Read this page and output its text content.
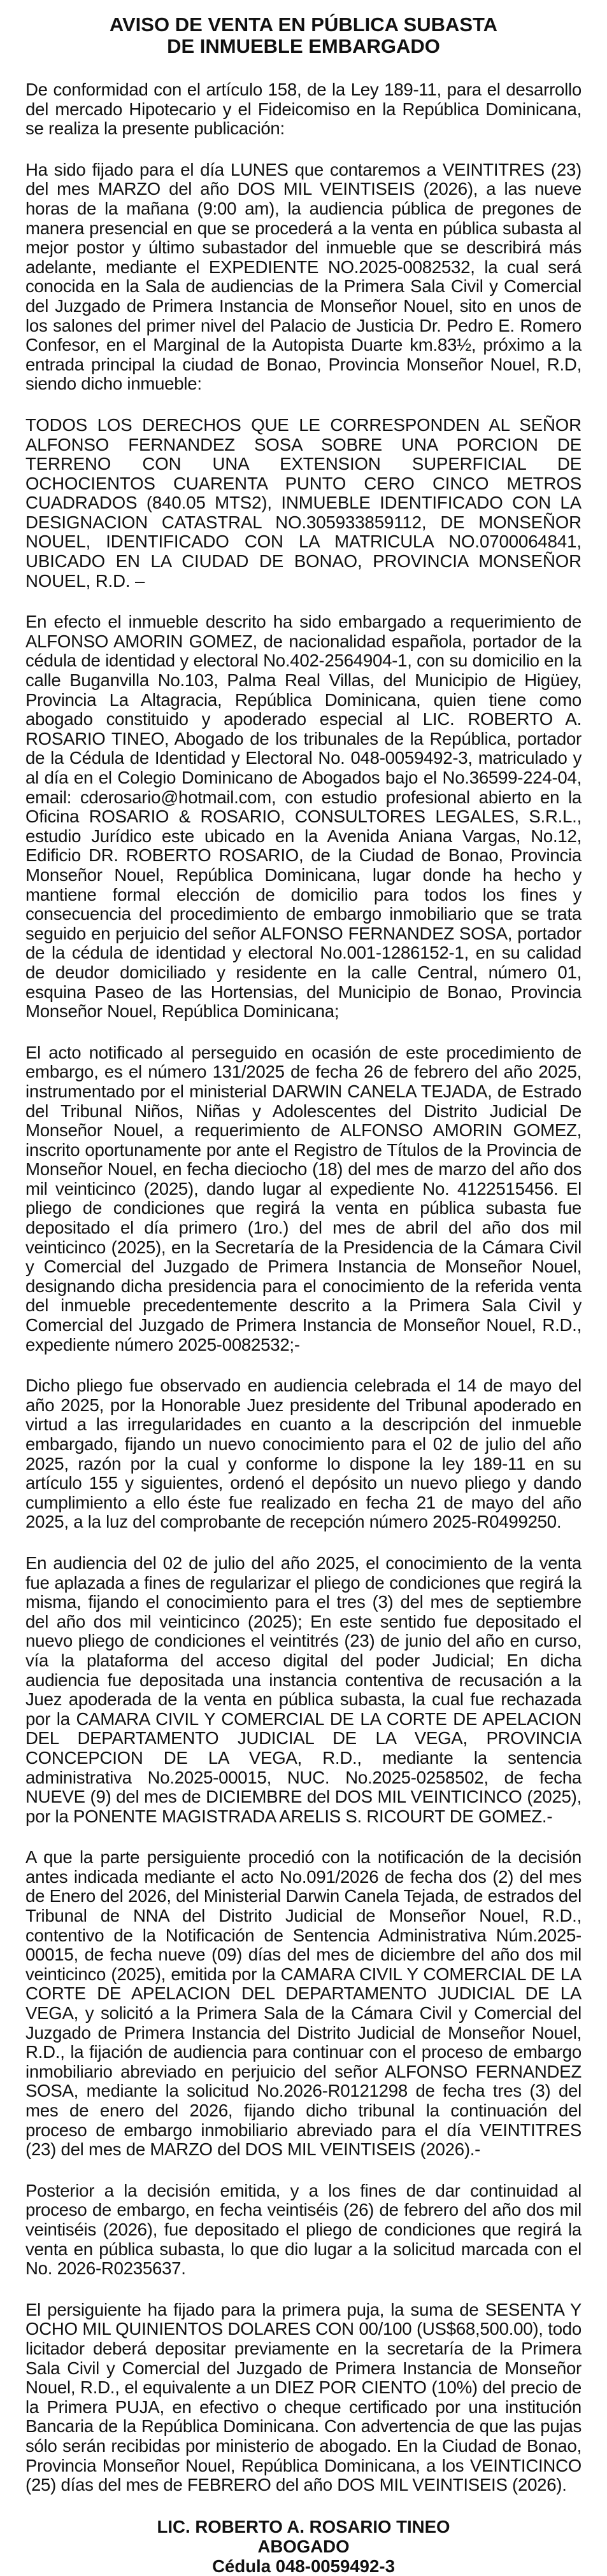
AVISO DE VENTA EN PÚBLICA SUBASTA
DE INMUEBLE EMBARGADO

De conformidad con el artículo 158, de la Ley 189-11, para el desarrollo del mercado Hipotecario y el Fideicomiso en la República Dominicana, se realiza la presente publicación:

Ha sido fijado para el día LUNES que contaremos a VEINTITRES (23) del mes MARZO del año DOS MIL VEINTISEIS (2026), a las nueve horas de la mañana (9:00 am), la audiencia pública de pregones de manera presencial en que se procederá a la venta en pública subasta al mejor postor y último subastador del inmueble que se describirá más adelante, mediante el EXPEDIENTE NO.2025-0082532, la cual será conocida en la Sala de audiencias de la Primera Sala Civil y Comercial del Juzgado de Primera Instancia de Monseñor Nouel, sito en unos de los salones del primer nivel del Palacio de Justicia Dr. Pedro E. Romero Confesor, en el Marginal de la Autopista Duarte km.83½, próximo a la entrada principal la ciudad de Bonao, Provincia Monseñor Nouel, R.D, siendo dicho inmueble:

TODOS LOS DERECHOS QUE LE CORRESPONDEN AL SEÑOR ALFONSO FERNANDEZ SOSA SOBRE UNA PORCION DE TERRENO CON UNA EXTENSION SUPERFICIAL DE OCHOCIENTOS CUARENTA PUNTO CERO CINCO METROS CUADRADOS (840.05 MTS2), INMUEBLE IDENTIFICADO CON LA DESIGNACION CATASTRAL NO.305933859112, DE MONSEÑOR NOUEL, IDENTIFICADO CON LA MATRICULA NO.0700064841, UBICADO EN LA CIUDAD DE BONAO, PROVINCIA MONSEÑOR NOUEL, R.D. –

En efecto el inmueble descrito ha sido embargado a requerimiento de ALFONSO AMORIN GOMEZ, de nacionalidad española, portador de la cédula de identidad y electoral No.402-2564904-1, con su domicilio en la calle Buganvilla No.103, Palma Real Villas, del Municipio de Higüey, Provincia La Altagracia, República Dominicana, quien tiene como abogado constituido y apoderado especial al LIC. ROBERTO A. ROSARIO TINEO, Abogado de los tribunales de la República, portador de la Cédula de Identidad y Electoral No. 048-0059492-3, matriculado y al día en el Colegio Dominicano de Abogados bajo el No.36599-224-04, email: cderosario@hotmail.com, con estudio profesional abierto en la Oficina ROSARIO & ROSARIO, CONSULTORES LEGALES, S.R.L., estudio Jurídico este ubicado en la Avenida Aniana Vargas, No.12, Edificio DR. ROBERTO ROSARIO, de la Ciudad de Bonao, Provincia Monseñor Nouel, República Dominicana, lugar donde ha hecho y mantiene formal elección de domicilio para todos los fines y consecuencia del procedimiento de embargo inmobiliario que se trata seguido en perjuicio del señor ALFONSO FERNANDEZ SOSA, portador de la cédula de identidad y electoral No.001-1286152-1, en su calidad de deudor domiciliado y residente en la calle Central, número 01, esquina Paseo de las Hortensias, del Municipio de Bonao, Provincia Monseñor Nouel, República Dominicana;

El acto notificado al perseguido en ocasión de este procedimiento de embargo, es el número 131/2025 de fecha 26 de febrero del año 2025, instrumentado por el ministerial DARWIN CANELA TEJADA, de Estrado del Tribunal Niños, Niñas y Adolescentes del Distrito Judicial De Monseñor Nouel, a requerimiento de ALFONSO AMORIN GOMEZ, inscrito oportunamente por ante el Registro de Títulos de la Provincia de Monseñor Nouel, en fecha dieciocho (18) del mes de marzo del año dos mil veinticinco (2025), dando lugar al expediente No. 4122515456. El pliego de condiciones que regirá la venta en pública subasta fue depositado el día primero (1ro.) del mes de abril del año dos mil veinticinco (2025), en la Secretaría de la Presidencia de la Cámara Civil y Comercial del Juzgado de Primera Instancia de Monseñor Nouel, designando dicha presidencia para el conocimiento de la referida venta del inmueble precedentemente descrito a la Primera Sala Civil y Comercial del Juzgado de Primera Instancia de Monseñor Nouel, R.D., expediente número 2025-0082532;-

Dicho pliego fue observado en audiencia celebrada el 14 de mayo del año 2025, por la Honorable Juez presidente del Tribunal apoderado en virtud a las irregularidades en cuanto a la descripción del inmueble embargado, fijando un nuevo conocimiento para el 02 de julio del año 2025, razón por la cual y conforme lo dispone la ley 189-11 en su artículo 155 y siguientes, ordenó el depósito un nuevo pliego y dando cumplimiento a ello éste fue realizado en fecha 21 de mayo del año 2025, a la luz del comprobante de recepción número 2025-R0499250.

En audiencia del 02 de julio del año 2025, el conocimiento de la venta fue aplazada a fines de regularizar el pliego de condiciones que regirá la misma, fijando el conocimiento para el tres (3) del mes de septiembre del año dos mil veinticinco (2025); En este sentido fue depositado el nuevo pliego de condiciones el veintitrés (23) de junio del año en curso, vía la plataforma del acceso digital del poder Judicial; En dicha audiencia fue depositada una instancia contentiva de recusación a la Juez apoderada de la venta en pública subasta, la cual fue rechazada por la CAMARA CIVIL Y COMERCIAL DE LA CORTE DE APELACION DEL DEPARTAMENTO JUDICIAL DE LA VEGA, PROVINCIA CONCEPCION DE LA VEGA, R.D., mediante la sentencia administrativa No.2025-00015, NUC. No.2025-0258502, de fecha NUEVE (9) del mes de DICIEMBRE del DOS MIL VEINTICINCO (2025), por la PONENTE MAGISTRADA ARELIS S. RICOURT DE GOMEZ.-

A que la parte persiguiente procedió con la notificación de la decisión antes indicada mediante el acto No.091/2026 de fecha dos (2) del mes de Enero del 2026, del Ministerial Darwin Canela Tejada, de estrados del Tribunal de NNA del Distrito Judicial de Monseñor Nouel, R.D., contentivo de la Notificación de Sentencia Administrativa Núm.2025-00015, de fecha nueve (09) días del mes de diciembre del año dos mil veinticinco (2025), emitida por la CAMARA CIVIL Y COMERCIAL DE LA CORTE DE APELACION DEL DEPARTAMENTO JUDICIAL DE LA VEGA, y solicitó a la Primera Sala de la Cámara Civil y Comercial del Juzgado de Primera Instancia del Distrito Judicial de Monseñor Nouel, R.D., la fijación de audiencia para continuar con el proceso de embargo inmobiliario abreviado en perjuicio del señor ALFONSO FERNANDEZ SOSA, mediante la solicitud No.2026-R0121298 de fecha tres (3) del mes de enero del 2026, fijando dicho tribunal la continuación del proceso de embargo inmobiliario abreviado para el día VEINTITRES (23) del mes de MARZO del DOS MIL VEINTISEIS (2026).-

Posterior a la decisión emitida, y a los fines de dar continuidad al proceso de embargo, en fecha veintiséis (26) de febrero del año dos mil veintiséis (2026), fue depositado el pliego de condiciones que regirá la venta en pública subasta, lo que dio lugar a la solicitud marcada con el No. 2026-R0235637.

El persiguiente ha fijado para la primera puja, la suma de SESENTA Y OCHO MIL QUINIENTOS DOLARES CON 00/100 (US$68,500.00), todo licitador deberá depositar previamente en la secretaría de la Primera Sala Civil y Comercial del Juzgado de Primera Instancia de Monseñor Nouel, R.D., el equivalente a un DIEZ POR CIENTO (10%) del precio de la Primera PUJA, en efectivo o cheque certificado por una institución Bancaria de la República Dominicana. Con advertencia de que las pujas sólo serán recibidas por ministerio de abogado. En la Ciudad de Bonao, Provincia Monseñor Nouel, República Dominicana, a los VEINTICINCO (25) días del mes de FEBRERO del año DOS MIL VEINTISEIS (2026).

LIC. ROBERTO A. ROSARIO TINEO
ABOGADO
Cédula 048-0059492-3
